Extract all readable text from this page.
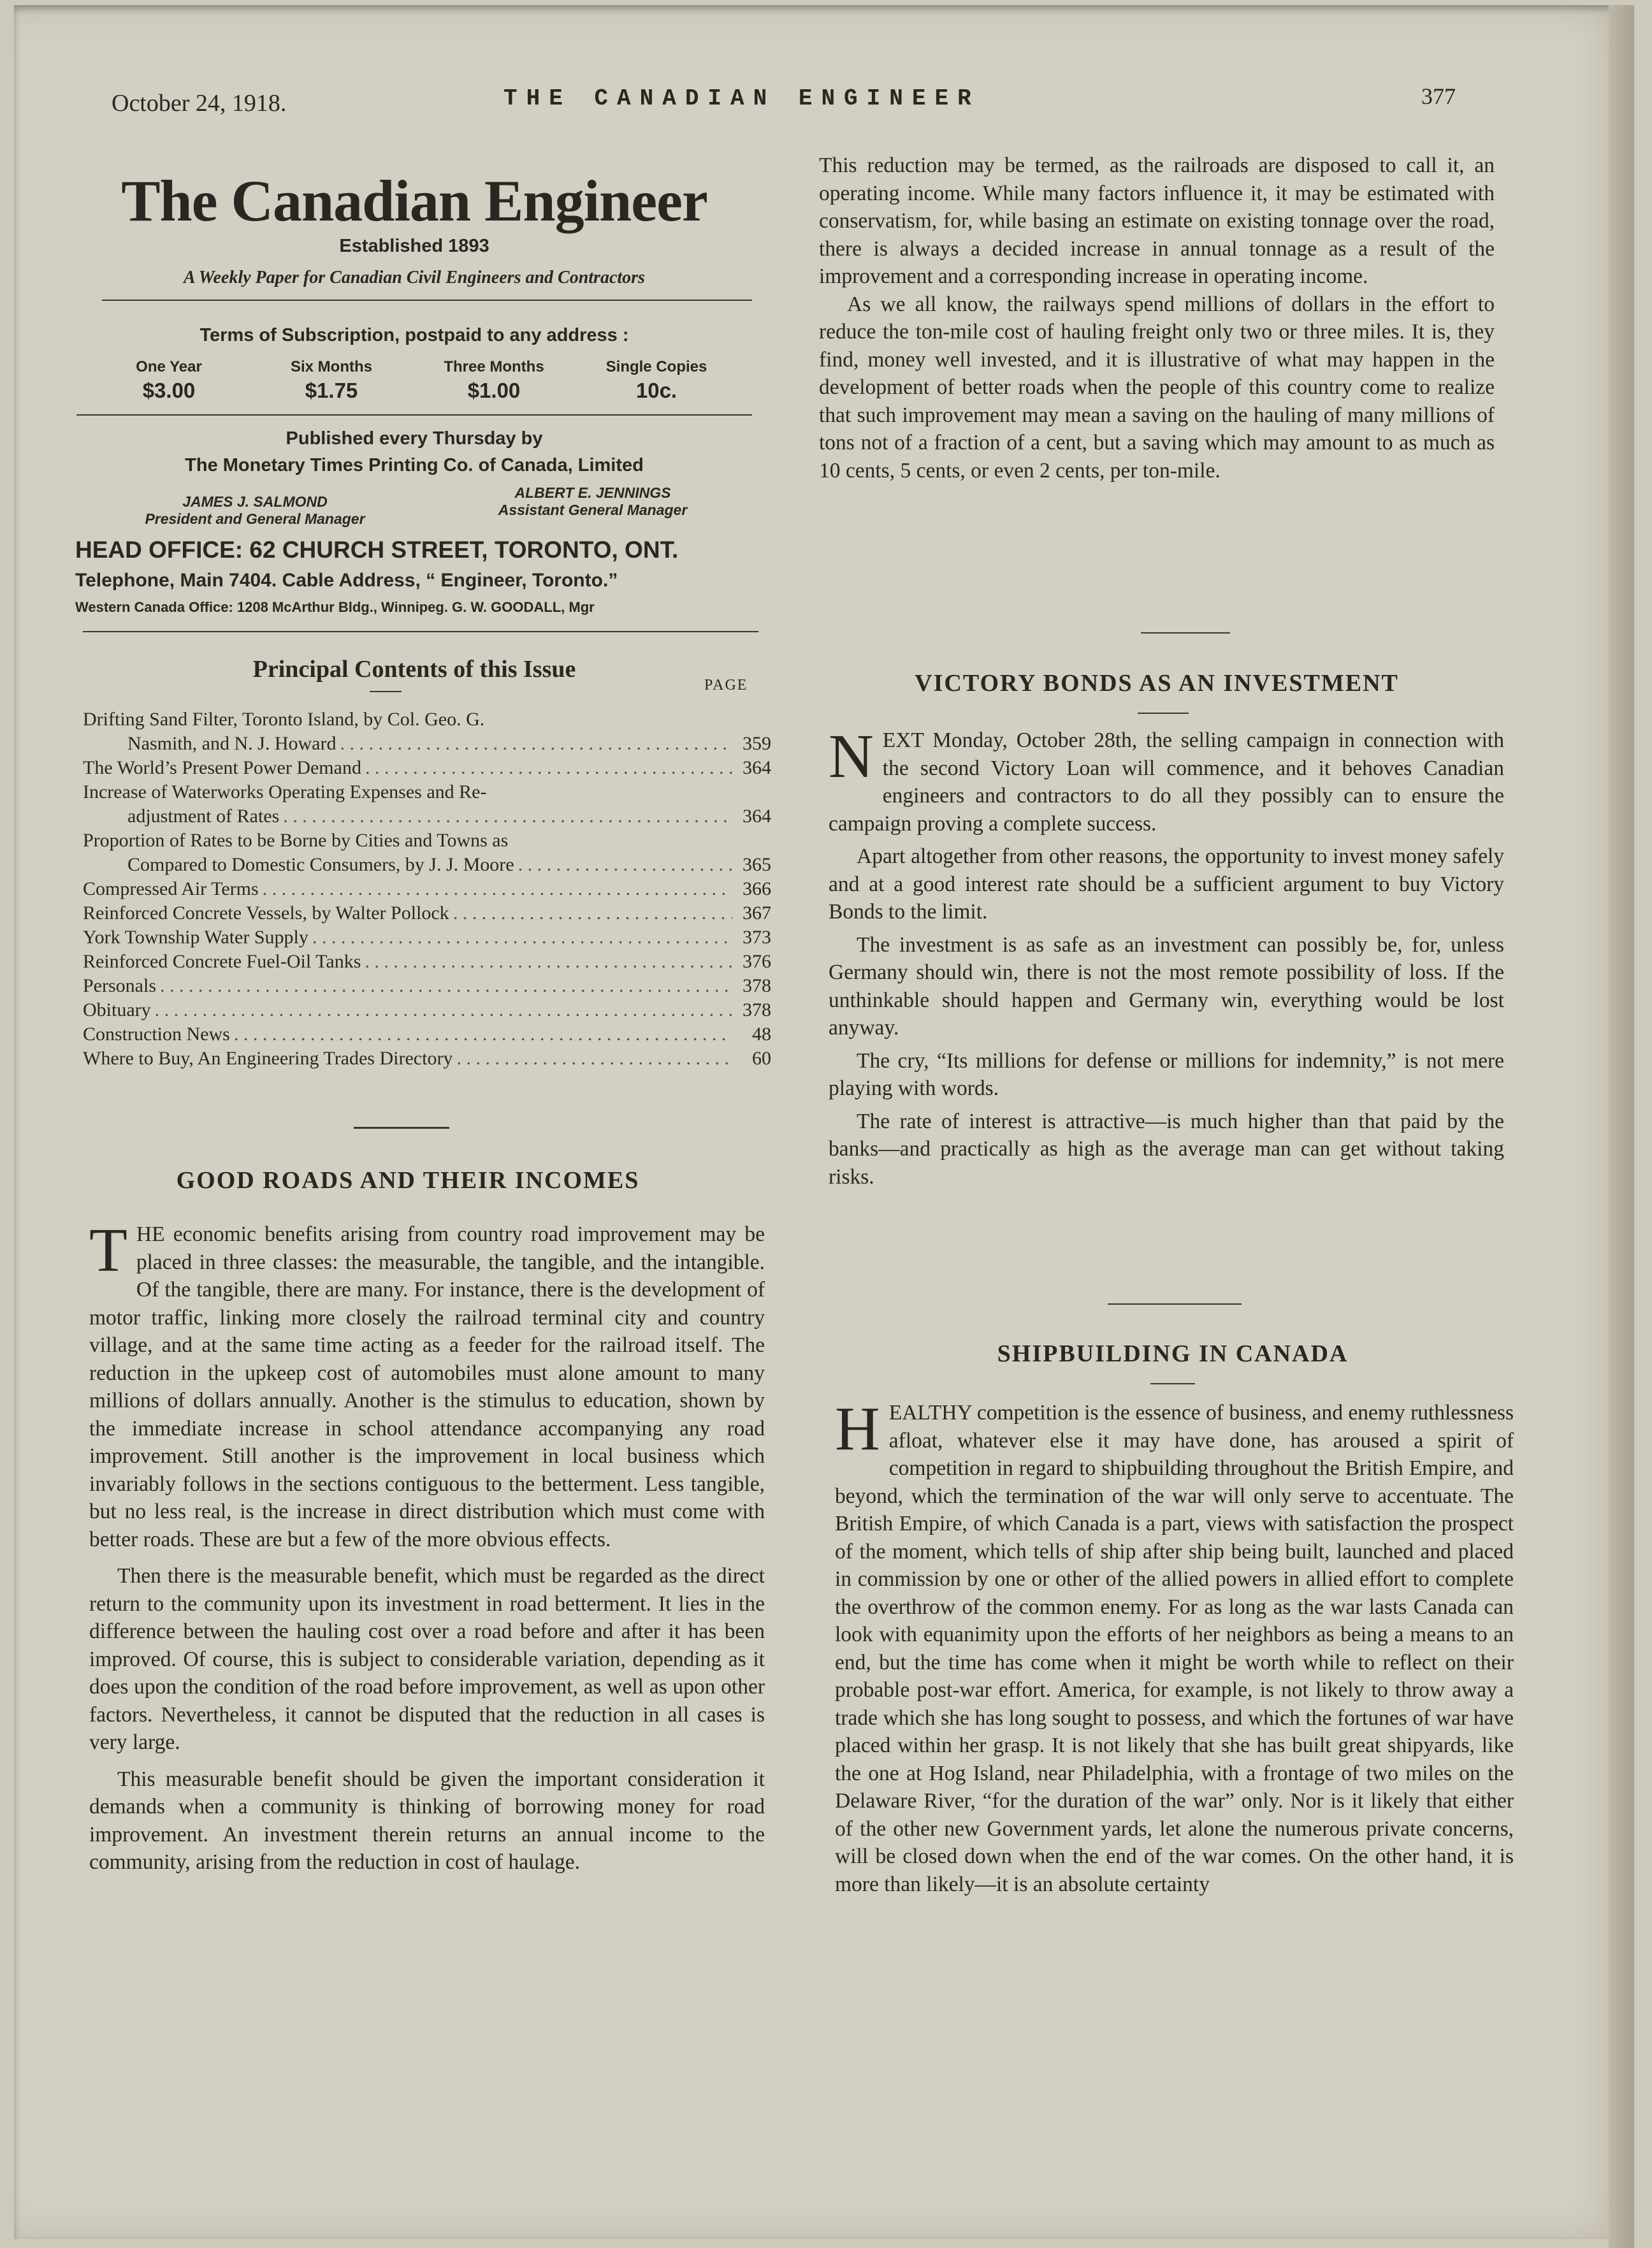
October 24, 1918.	THE CANADIAN ENGINEER	377
The Canadian Engineer
Established 1893
A Weekly Paper for Canadian Civil Engineers and Contractors
Terms of Subscription, postpaid to any address :
One Year
$3.00
Six Months
$1.75
Three Months
$1.00
Single Copies
10c.
Published every Thursday by
The Monetary Times Printing Co. of Canada, Limited
JAMES J. SALMOND
President and General Manager
ALBERT E. JENNINGS
Assistant General Manager
HEAD OFFICE: 62 CHURCH STREET, TORONTO, ONT.
Telephone, Main 7404. Cable Address, “ Engineer, Toronto.”
Western Canada Office: 1208 McArthur Bldg., Winnipeg. G. W. GOODALL, Mgr
Principal Contents of this Issue
PAGE
Drifting Sand Filter, Toronto Island, by Col. Geo. G.
Nasmith, and N. J. Howard . . .	359
The World’s Present Power Demand . . .	364
Increase of Waterworks Operating Expenses and Re-
adjustment of Rates . . .	364
Proportion of Rates to be Borne by Cities and Towns as
Compared to Domestic Consumers, by J. J. Moore . . .	365
Compressed Air Terms . . .	366
Reinforced Concrete Vessels, by Walter Pollock . . .	367
York Township Water Supply . . .	373
Reinforced Concrete Fuel-Oil Tanks . . .	376
Personals . . .	378
Obituary . . .	378
Construction News . . .	48
Where to Buy, An Engineering Trades Directory . . .	60
GOOD ROADS AND THEIR INCOMES

THE economic benefits arising from country road improvement may be placed in three classes: the measurable, the tangible, and the intangible. Of the tangible, there are many. For instance, there is the development of motor traffic, linking more closely the railroad terminal city and country village, and at the same time acting as a feeder for the railroad itself. The reduction in the upkeep cost of automobiles must alone amount to many millions of dollars annually. Another is the stimulus to education, shown by the immediate increase in school attendance accompanying any road improvement. Still another is the improvement in local business which invariably follows in the sections contiguous to the betterment. Less tangible, but no less real, is the increase in direct distribution which must come with better roads. These are but a few of the more obvious effects.

Then there is the measurable benefit, which must be regarded as the direct return to the community upon its investment in road betterment. It lies in the difference between the hauling cost over a road before and after it has been improved. Of course, this is subject to considerable variation, depending as it does upon the condition of the road before improvement, as well as upon other factors. Nevertheless, it cannot be disputed that the reduction in all cases is very large.

This measurable benefit should be given the important consideration it demands when a community is thinking of borrowing money for road improvement. An investment therein returns an annual income to the community, arising from the reduction in cost of haulage.

This reduction may be termed, as the railroads are disposed to call it, an operating income. While many factors influence it, it may be estimated with conservatism, for, while basing an estimate on existing tonnage over the road, there is always a decided increase in annual tonnage as a result of the improvement and a corresponding increase in operating income.

As we all know, the railways spend millions of dollars in the effort to reduce the ton-mile cost of hauling freight only two or three miles. It is, they find, money well invested, and it is illustrative of what may happen in the development of better roads when the people of this country come to realize that such improvement may mean a saving on the hauling of many millions of tons not of a fraction of a cent, but a saving which may amount to as much as 10 cents, 5 cents, or even 2 cents, per ton-mile.

VICTORY BONDS AS AN INVESTMENT

NEXT Monday, October 28th, the selling campaign in connection with the second Victory Loan will commence, and it behoves Canadian engineers and contractors to do all they possibly can to ensure the campaign proving a complete success.

Apart altogether from other reasons, the opportunity to invest money safely and at a good interest rate should be a sufficient argument to buy Victory Bonds to the limit.

The investment is as safe as an investment can possibly be, for, unless Germany should win, there is not the most remote possibility of loss. If the unthinkable should happen and Germany win, everything would be lost anyway.

The cry, “Its millions for defense or millions for indemnity,” is not mere playing with words.

The rate of interest is attractive—is much higher than that paid by the banks—and practically as high as the average man can get without taking risks.

SHIPBUILDING IN CANADA

HEALTHY competition is the essence of business, and enemy ruthlessness afloat, whatever else it may have done, has aroused a spirit of competition in regard to shipbuilding throughout the British Empire, and beyond, which the termination of the war will only serve to accentuate. The British Empire, of which Canada is a part, views with satisfaction the prospect of the moment, which tells of ship after ship being built, launched and placed in commission by one or other of the allied powers in allied effort to complete the overthrow of the common enemy. For as long as the war lasts Canada can look with equanimity upon the efforts of her neighbors as being a means to an end, but the time has come when it might be worth while to reflect on their probable post-war effort. America, for example, is not likely to throw away a trade which she has long sought to possess, and which the fortunes of war have placed within her grasp. It is not likely that she has built great shipyards, like the one at Hog Island, near Philadelphia, with a frontage of two miles on the Delaware River, “for the duration of the war” only. Nor is it likely that either of the other new Government yards, let alone the numerous private concerns, will be closed down when the end of the war comes. On the other hand, it is more than likely—it is an absolute certainty
